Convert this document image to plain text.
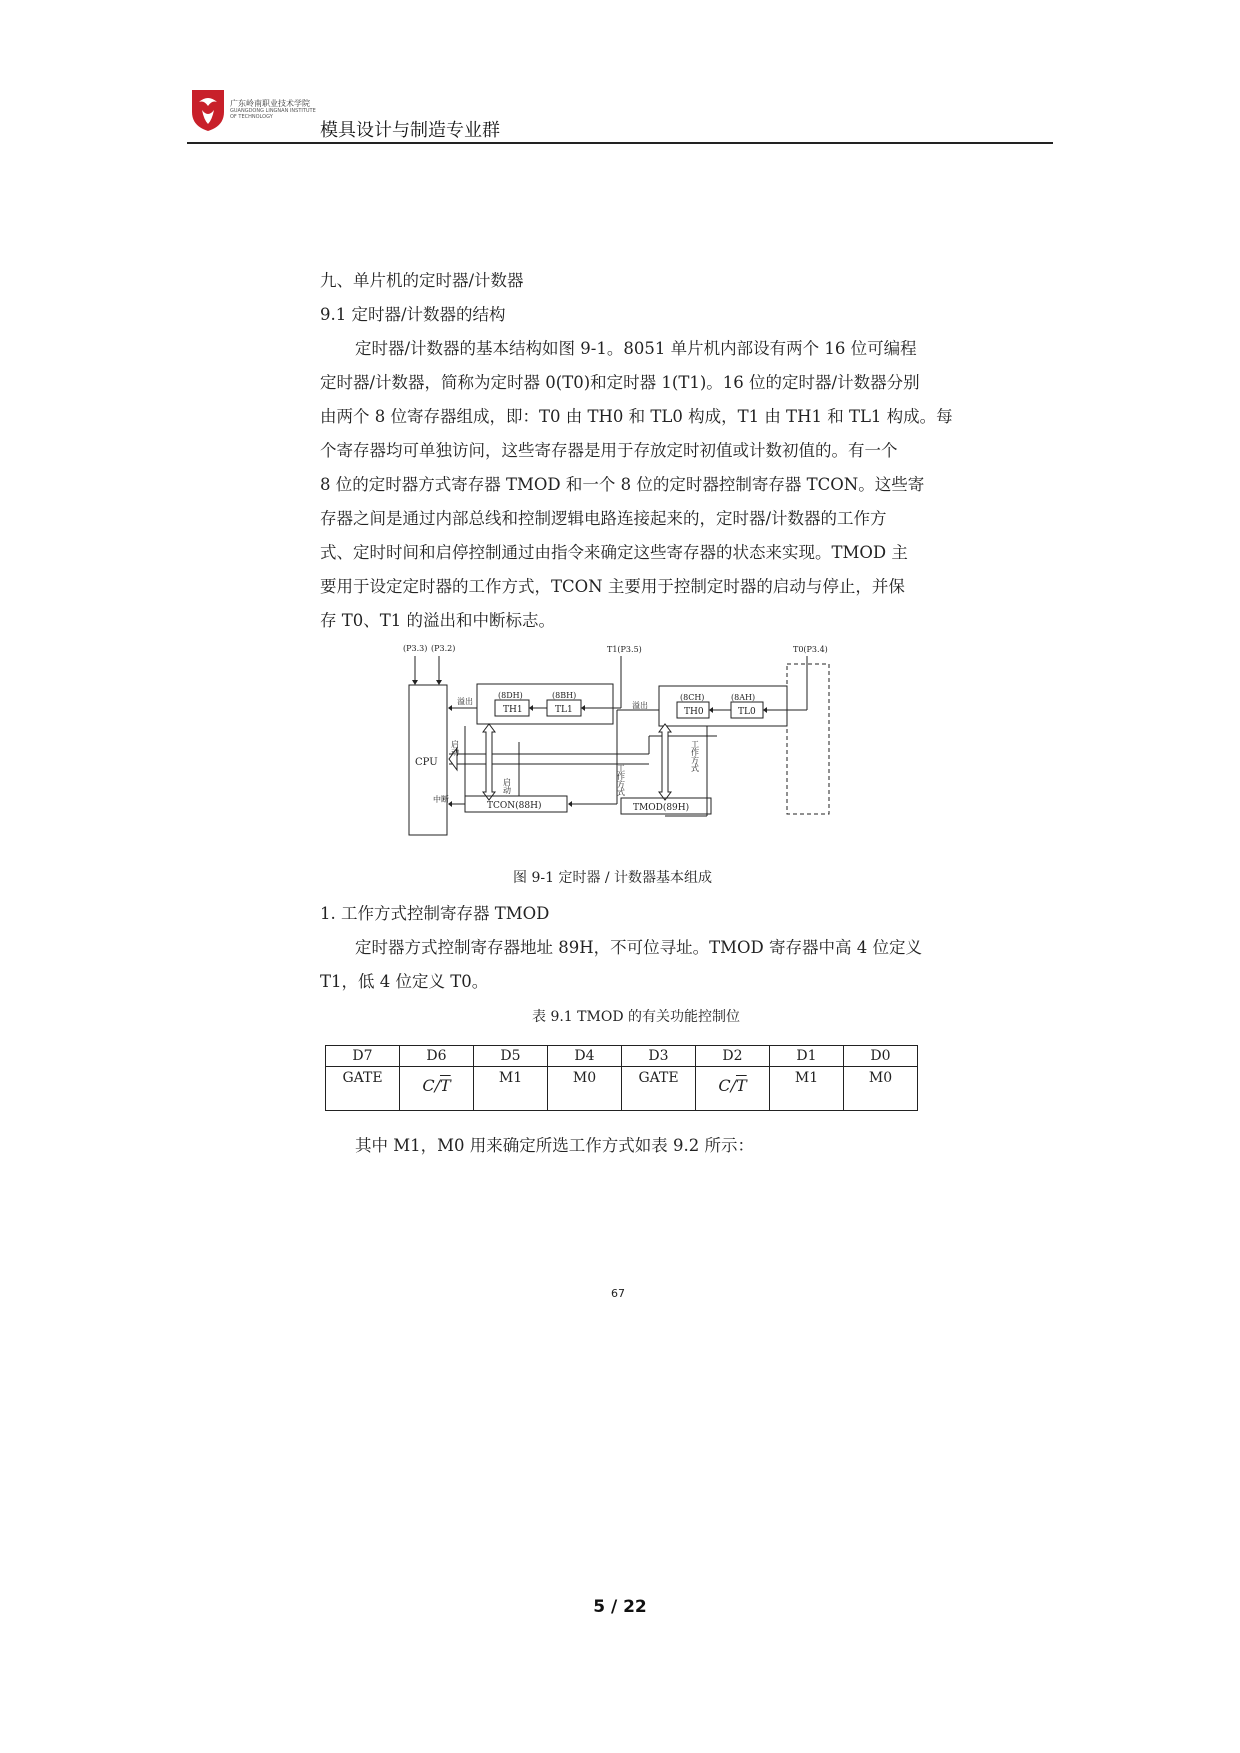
广东岭南职业技术学院
GUANGDONG LINGNAN INSTITUTE OF TECHNOLOGY
模具设计与制造专业群
九、单片机的定时器/计数器
9.1 定时器/计数器的结构
定时器/计数器的基本结构如图 9-1。8051 单片机内部设有两个 16 位可编程
定时器/计数器，简称为定时器 0(T0)和定时器 1(T1)。16 位的定时器/计数器分别
由两个 8 位寄存器组成，即：T0 由 TH0 和 TL0 构成，T1 由 TH1 和 TL1 构成。每
个寄存器均可单独访问，这些寄存器是用于存放定时初值或计数初值的。有一个
8 位的定时器方式寄存器 TMOD 和一个 8 位的定时器控制寄存器 TCON。这些寄
存器之间是通过内部总线和控制逻辑电路连接起来的，定时器/计数器的工作方
式、定时时间和启停控制通过由指令来确定这些寄存器的状态来实现。TMOD 主
要用于设定定时器的工作方式，TCON 主要用于控制定时器的启动与停止，并保
存 T0、T1 的溢出和中断标志。
(P3.3) (P3.2)	T1(P3.5)	T0(P3.4)
CPU
溢出
(8DH)	(8BH)
TH1	TL1	溢出
(8CH)	(8AH)
TH0	TL0
启动
启动	工作方式
工作方式
TCON(88H)
中断
TMOD(89H)
图 9-1 定时器 / 计数器基本组成
1. 工作方式控制寄存器 TMOD
定时器方式控制寄存器地址 89H，不可位寻址。TMOD 寄存器中高 4 位定义
T1，低 4 位定义 T0。
表 9.1 TMOD 的有关功能控制位
D7	D6	D5	D4	D3	D2	D1	D0
GATE	$C/\overline{T}$	M1	M0	GATE	$C/\overline{T}$	M1	M0
其中 M1，M0 用来确定所选工作方式如表 9.2 所示：
67
5 / 22
